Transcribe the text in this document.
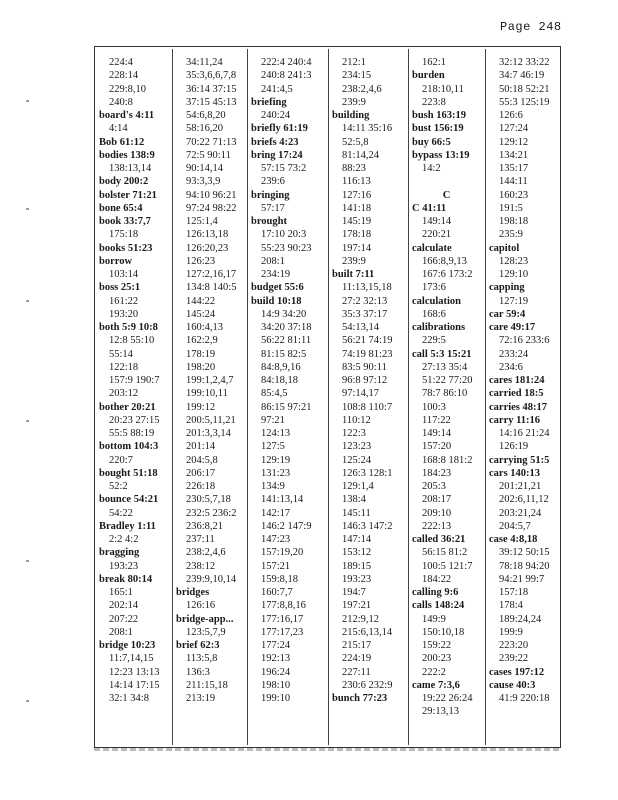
Page 248
224:4
228:14
229:8,10
240:8
board's 4:11
4:14
Bob 61:12
bodies 138:9
138:13,14
body 200:2
bolster 71:21
bone 65:4
book 33:7,7
175:18
books 51:23
borrow
103:14
boss 25:1
161:22
193:20
both 5:9 10:8
12:8 55:10
55:14
122:18
157:9 190:7
203:12
bother 20:21
20:23 27:15
55:5 88:19
bottom 104:3
220:7
bought 51:18
52:2
bounce 54:21
54:22
Bradley 1:11
2:2 4:2
bragging
193:23
break 80:14
165:1
202:14
207:22
208:1
bridge 10:23
11:7,14,15
12:23 13:13
14:14 17:15
32:1 34:8
34:11,24
35:3,6,6,7,8
36:14 37:15
37:15 45:13
54:6,8,20
58:16,20
70:22 71:13
72:5 90:11
90:14,14
93:3,3,9
94:10 96:21
97:24 98:22
125:1,4
126:13,18
126:20,23
126:23
127:2,16,17
134:8 140:5
144:22
145:24
160:4,13
162:2,9
178:19
198:20
199:1,2,4,7
199:10,11
199:12
200:5,11,21
201:3,3,14
201:14
204:5,8
206:17
226:18
230:5,7,18
232:5 236:2
236:8,21
237:11
238:2,4,6
238:12
239:9,10,14
bridges
126:16
bridge-app...
123:5,7,9
brief 62:3
113:5,8
136:3
211:15,18
213:19
222:4 240:4
240:8 241:3
241:4,5
briefing
240:24
briefly 61:19
briefs 4:23
bring 17:24
57:15 73:2
239:6
bringing
57:17
brought
17:10 20:3
55:23 90:23
208:1
234:19
budget 55:6
build 10:18
14:9 34:20
34:20 37:18
56:22 81:11
81:15 82:5
84:8,9,16
84:18,18
85:4,5
86:15 97:21
97:21
124:13
127:5
129:19
131:23
134:9
141:13,14
142:17
146:2 147:9
147:23
157:19,20
157:21
159:8,18
160:7,7
177:8,8,16
177:16,17
177:17,23
177:24
192:13
196:24
198:10
199:10
212:1
234:15
238:2,4,6
239:9
building
14:11 35:16
52:5,8
81:14,24
88:23
116:13
127:16
141:18
145:19
178:18
197:14
239:9
built 7:11
11:13,15,18
27:2 32:13
35:3 37:17
54:13,14
56:21 74:19
74:19 81:23
83:5 90:11
96:8 97:12
97:14,17
108:8 110:7
110:12
122:3
123:23
125:24
126:3 128:1
129:1,4
138:4
145:11
146:3 147:2
147:14
153:12
189:15
193:23
194:7
197:21
212:9,12
215:6,13,14
215:17
224:19
227:11
230:6 232:9
bunch 77:23
162:1
burden
218:10,11
223:8
bush 163:19
bust 156:19
buy 66:5
bypass 13:19
14:2
C
C 41:11
149:14
220:21
calculate
166:8,9,13
167:6 173:2
173:6
calculation
168:6
calibrations
229:5
call 5:3 15:21
27:13 35:4
51:22 77:20
78:7 86:10
100:3
117:22
149:14
157:20
168:8 181:2
184:23
205:3
208:17
209:10
222:13
called 36:21
56:15 81:2
100:5 121:7
184:22
calling 9:6
calls 148:24
149:9
150:10,18
159:22
200:23
222:2
came 7:3,6
19:22 26:24
29:13,13
32:12 33:22
34:7 46:19
50:18 52:21
55:3 125:19
126:6
127:24
129:12
134:21
135:17
144:11
160:23
191:5
198:18
235:9
capitol
128:23
129:10
capping
127:19
car 59:4
care 49:17
72:16 233:6
233:24
234:6
cares 181:24
carried 18:5
carries 48:17
carry 11:16
14:16 21:24
126:19
carrying 51:5
cars 140:13
201:21,21
202:6,11,12
203:21,24
204:5,7
case 4:8,18
39:12 50:15
78:18 94:20
94:21 99:7
157:18
178:4
189:24,24
199:9
223:20
239:22
cases 197:12
cause 40:3
41:9 220:18
